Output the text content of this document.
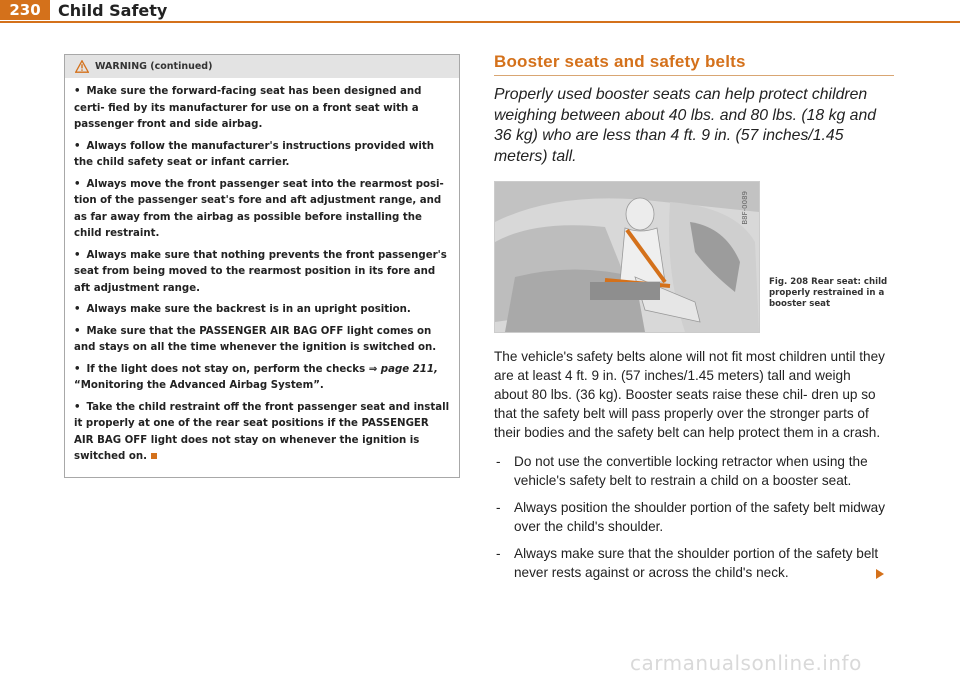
230	Child Safety
WARNING (continued)

• Make sure the forward-facing seat has been designed and certi- fied by its manufacturer for use on a front seat with a passenger front and side airbag.

• Always follow the manufacturer's instructions provided with the child safety seat or infant carrier.

• Always move the front passenger seat into the rearmost posi- tion of the passenger seat's fore and aft adjustment range, and as far away from the airbag as possible before installing the child restraint.

• Always make sure that nothing prevents the front passenger's seat from being moved to the rearmost position in its fore and aft adjustment range.

• Always make sure the backrest is in an upright position.

• Make sure that the PASSENGER AIR BAG OFF light comes on and stays on all the time whenever the ignition is switched on.

• If the light does not stay on, perform the checks ⇒ page 211, “Monitoring the Advanced Airbag System”.

• Take the child restraint off the front passenger seat and install it properly at one of the rear seat positions if the PASSENGER AIR BAG OFF light does not stay on whenever the ignition is switched on.

Booster seats and safety belts

Properly used booster seats can help protect children weighing between about 40 lbs. and 80 lbs. (18 kg and 36 kg) who are less than 4 ft. 9 in. (57 inches/1.45 meters) tall.

B8F-0089
Fig. 208 Rear seat: child properly restrained in a booster seat

The vehicle's safety belts alone will not fit most children until they are at least 4 ft. 9 in. (57 inches/1.45 meters) tall and weigh about 80 lbs. (36 kg). Booster seats raise these chil- dren up so that the safety belt will pass properly over the stronger parts of their bodies and the safety belt can help protect them in a crash.

- Do not use the convertible locking retractor when using the vehicle's safety belt to restrain a child on a booster seat.
- Always position the shoulder portion of the safety belt midway over the child's shoulder.
- Always make sure that the shoulder portion of the safety belt never rests against or across the child's neck.
carmanualsonline.info
